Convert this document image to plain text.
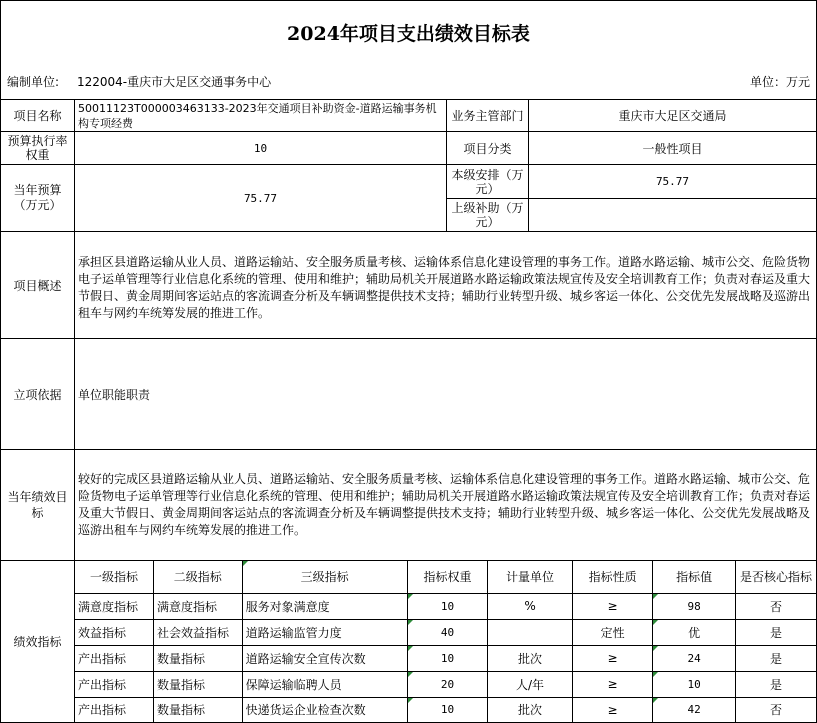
2024年项目支出绩效目标表
编制单位: 122004-重庆市大足区交通事务中心	单位：万元
项目名称	50011123T000003463133-2023年交通项目补助资金-道路运输事务机构专项经费	业务主管部门	重庆市大足区交通局
预算执行率权重	10	项目分类	一般性项目
当年预算（万元）	75.77	本级安排（万元）	75.77
上级补助（万元）	
项目概述	承担区县道路运输从业人员、道路运输站、安全服务质量考核、运输体系信息化建设管理的事务工作。道路水路运输、城市公交、危险货物电子运单管理等行业信息化系统的管理、使用和维护；辅助局机关开展道路水路运输政策法规宣传及安全培训教育工作；负责对春运及重大节假日、黄金周期间客运站点的客流调查分析及车辆调整提供技术支持；辅助行业转型升级、城乡客运一体化、公交优先发展战略及巡游出租车与网约车统筹发展的推进工作。
立项依据	单位职能职责
当年绩效目标	较好的完成区县道路运输从业人员、道路运输站、安全服务质量考核、运输体系信息化建设管理的事务工作。道路水路运输、城市公交、危险货物电子运单管理等行业信息化系统的管理、使用和维护；辅助局机关开展道路水路运输政策法规宣传及安全培训教育工作；负责对春运及重大节假日、黄金周期间客运站点的客流调查分析及车辆调整提供技术支持；辅助行业转型升级、城乡客运一体化、公交优先发展战略及巡游出租车与网约车统筹发展的推进工作。
绩效指标	
一级指标	二级指标	三级指标	指标权重	计量单位	指标性质	指标值	是否核心指标
满意度指标	满意度指标	服务对象满意度	10	%	≥	98	否
效益指标	社会效益指标	道路运输监管力度	40		定性	优	是
产出指标	数量指标	道路运输安全宣传次数	10	批次	≥	24	是
产出指标	数量指标	保障运输临聘人员	20	人/年	≥	10	是
产出指标	数量指标	快递货运企业检查次数	10	批次	≥	42	否
